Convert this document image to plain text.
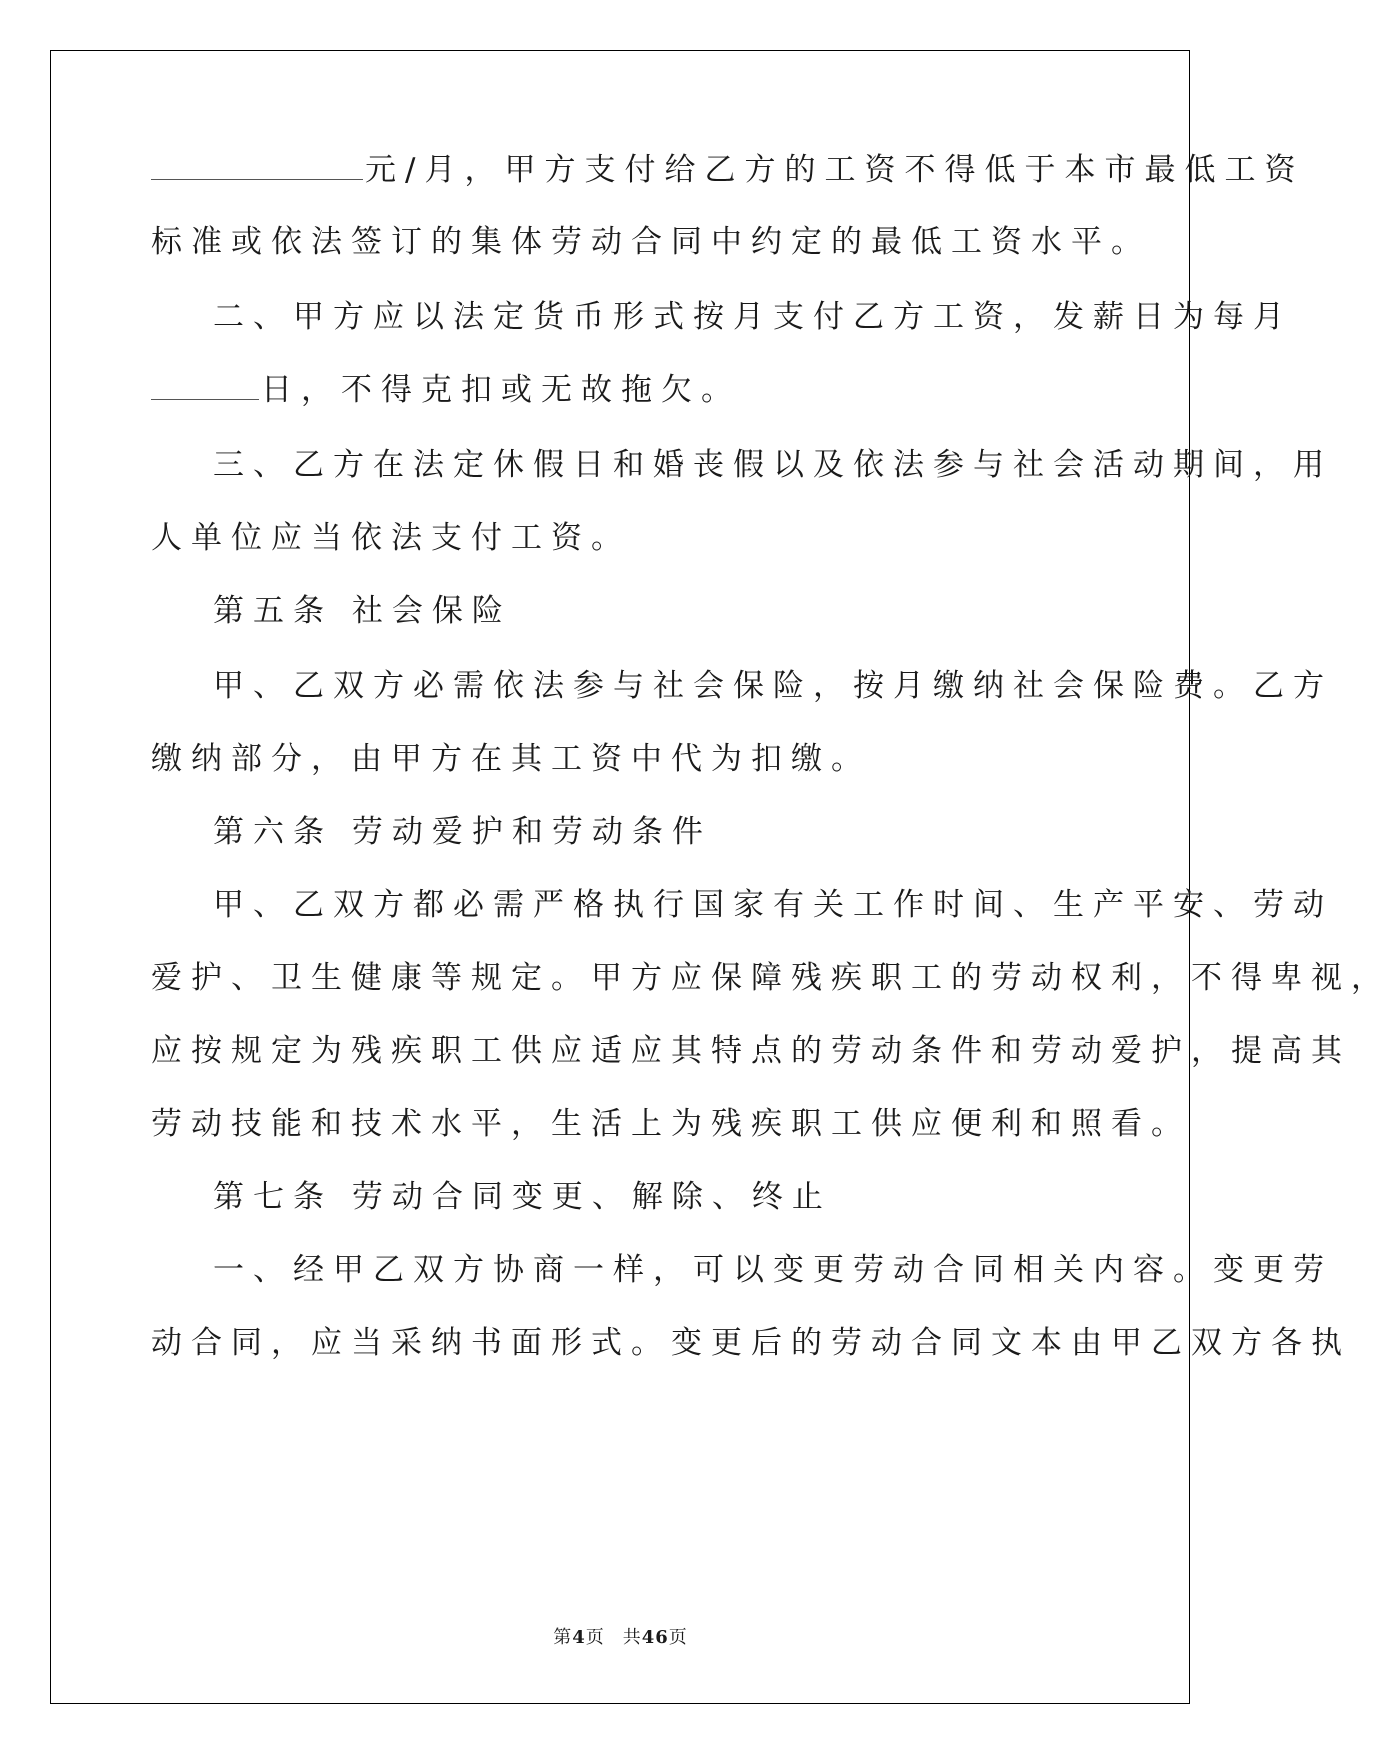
元/月，甲方支付给乙方的工资不得低于本市最低工资
标准或依法签订的集体劳动合同中约定的最低工资水平。
二、甲方应以法定货币形式按月支付乙方工资，发薪日为每月
日，不得克扣或无故拖欠。
三、乙方在法定休假日和婚丧假以及依法参与社会活动期间，用
人单位应当依法支付工资。
第五条 社会保险
甲、乙双方必需依法参与社会保险，按月缴纳社会保险费。乙方
缴纳部分，由甲方在其工资中代为扣缴。
第六条 劳动爱护和劳动条件
甲、乙双方都必需严格执行国家有关工作时间、生产平安、劳动
爱护、卫生健康等规定。甲方应保障残疾职工的劳动权利，不得卑视，
应按规定为残疾职工供应适应其特点的劳动条件和劳动爱护，提高其
劳动技能和技术水平，生活上为残疾职工供应便利和照看。
第七条 劳动合同变更、解除、终止
一、经甲乙双方协商一样，可以变更劳动合同相关内容。变更劳
动合同，应当采纳书面形式。变更后的劳动合同文本由甲乙双方各执
第4页 共46页
